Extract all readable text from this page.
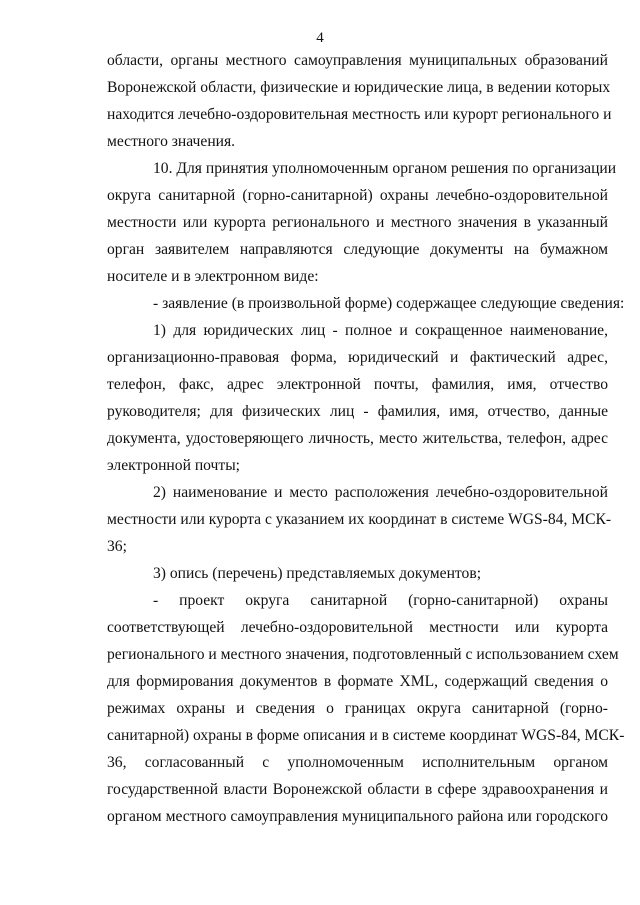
4
области, органы местного самоуправления муниципальных образований
Воронежской области, физические и юридические лица, в ведении которых
находится лечебно-оздоровительная местность или курорт регионального и
местного значения.
10. Для принятия уполномоченным органом решения по организации
округа санитарной (горно-санитарной) охраны лечебно-оздоровительной
местности или курорта регионального и местного значения в указанный
орган заявителем направляются следующие документы на бумажном
носителе и в электронном виде:
- заявление (в произвольной форме) содержащее следующие сведения:
1) для юридических лиц - полное и сокращенное наименование,
организационно-правовая форма, юридический и фактический адрес,
телефон, факс, адрес электронной почты, фамилия, имя, отчество
руководителя; для физических лиц - фамилия, имя, отчество, данные
документа, удостоверяющего личность, место жительства, телефон, адрес
электронной почты;
2) наименование и место расположения лечебно-оздоровительной
местности или курорта с указанием их координат в системе WGS-84, МСК-
36;
3) опись (перечень) представляемых документов;
- проект округа санитарной (горно-санитарной) охраны
соответствующей лечебно-оздоровительной местности или курорта
регионального и местного значения, подготовленный с использованием схем
для формирования документов в формате XML, содержащий сведения о
режимах охраны и сведения о границах округа санитарной (горно-
санитарной) охраны в форме описания и в системе координат WGS-84, МСК-
36, согласованный с уполномоченным исполнительным органом
государственной власти Воронежской области в сфере здравоохранения и
органом местного самоуправления муниципального района или городского
